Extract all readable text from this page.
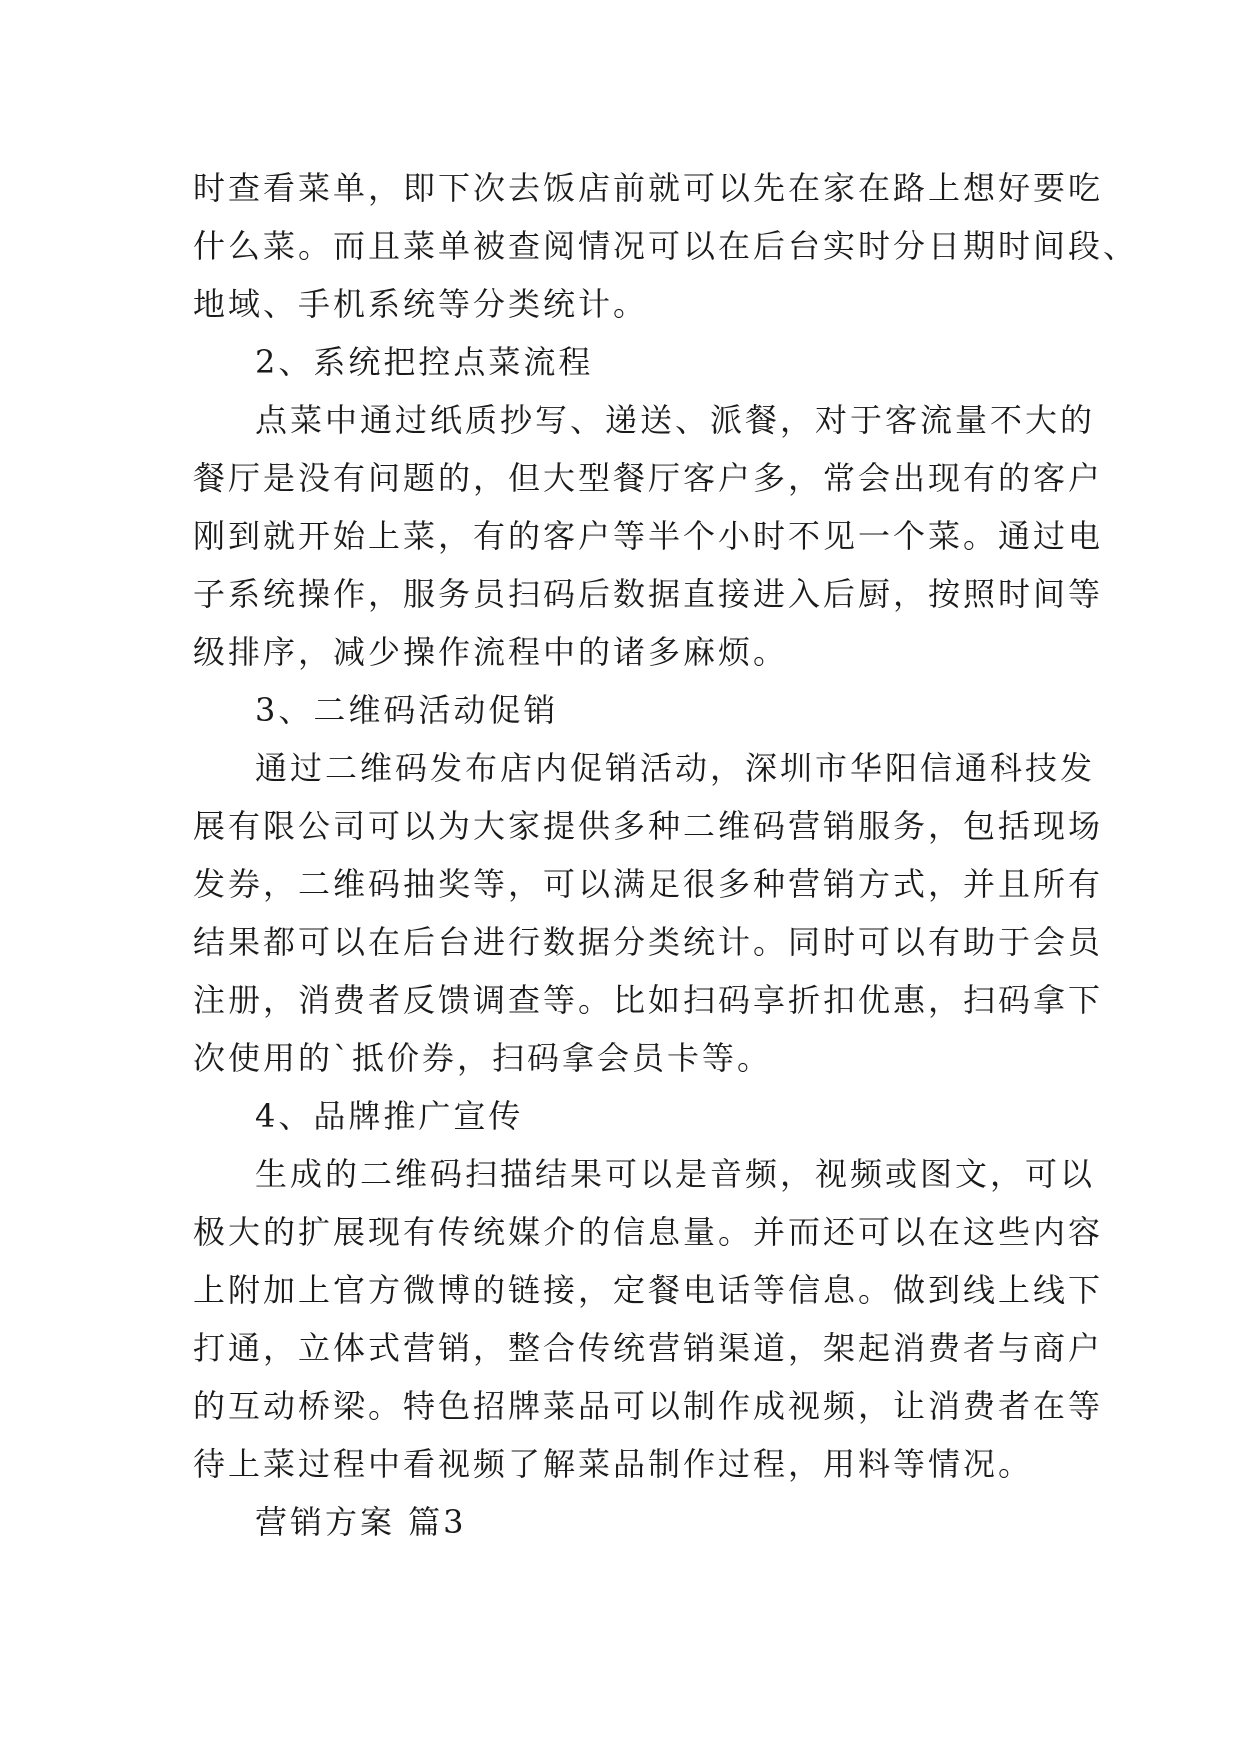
时查看菜单，即下次去饭店前就可以先在家在路上想好要吃
什么菜。而且菜单被查阅情况可以在后台实时分日期时间段、
地域、手机系统等分类统计。
2、系统把控点菜流程
点菜中通过纸质抄写、递送、派餐，对于客流量不大的
餐厅是没有问题的，但大型餐厅客户多，常会出现有的客户
刚到就开始上菜，有的客户等半个小时不见一个菜。通过电
子系统操作，服务员扫码后数据直接进入后厨，按照时间等
级排序，减少操作流程中的诸多麻烦。
3、二维码活动促销
通过二维码发布店内促销活动，深圳市华阳信通科技发
展有限公司可以为大家提供多种二维码营销服务，包括现场
发券，二维码抽奖等，可以满足很多种营销方式，并且所有
结果都可以在后台进行数据分类统计。同时可以有助于会员
注册，消费者反馈调查等。比如扫码享折扣优惠，扫码拿下
次使用的`抵价券，扫码拿会员卡等。
4、品牌推广宣传
生成的二维码扫描结果可以是音频，视频或图文，可以
极大的扩展现有传统媒介的信息量。并而还可以在这些内容
上附加上官方微博的链接，定餐电话等信息。做到线上线下
打通，立体式营销，整合传统营销渠道，架起消费者与商户
的互动桥梁。特色招牌菜品可以制作成视频，让消费者在等
待上菜过程中看视频了解菜品制作过程，用料等情况。
营销方案 篇3
